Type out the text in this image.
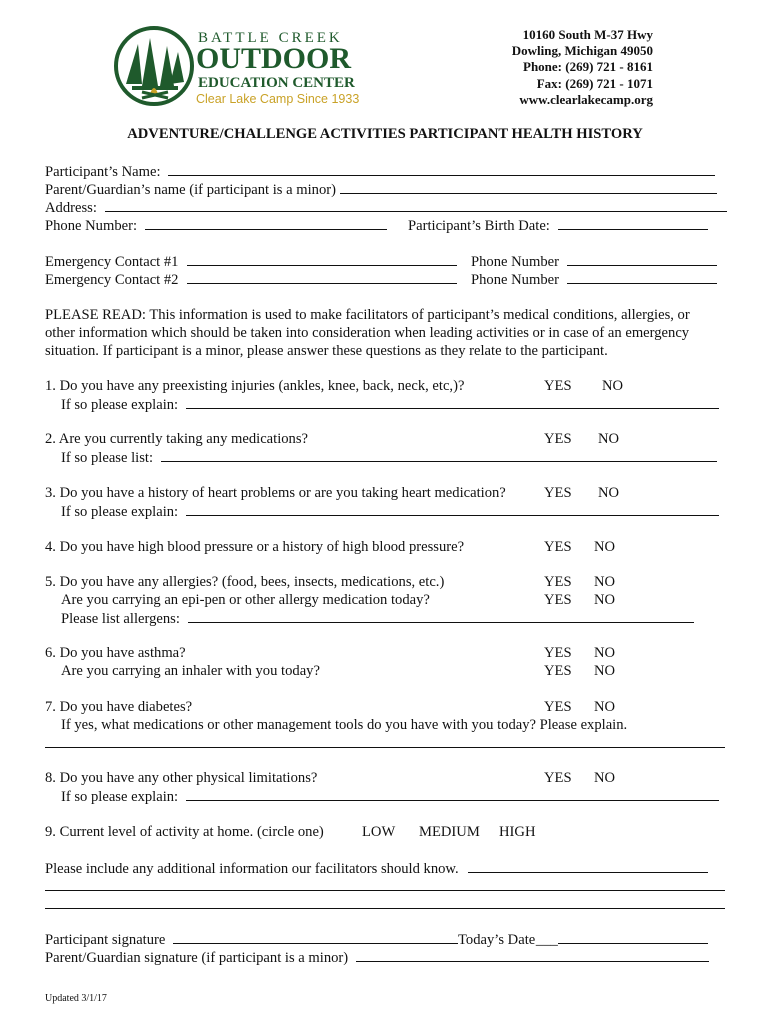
BATTLE CREEK
OUTDOOR
EDUCATION CENTER
Clear Lake Camp Since 1933
10160 South M-37 Hwy
Dowling, Michigan 49050
Phone: (269) 721 - 8161
Fax: (269) 721 - 1071
www.clearlakecamp.org
ADVENTURE/CHALLENGE ACTIVITIES PARTICIPANT HEALTH HISTORY
Participant’s Name:
Parent/Guardian’s name (if participant is a minor)
Address:
Phone Number:	Participant’s Birth Date:
Emergency Contact #1	Phone Number
Emergency Contact #2	Phone Number
PLEASE READ: This information is used to make facilitators of participant’s medical conditions, allergies, or
other information which should be taken into consideration when leading activities or in case of an emergency
situation. If participant is a minor, please answer these questions as they relate to the participant.
1. Do you have any preexisting injuries (ankles, knee, back, neck, etc,)?	YES NO
If so please explain:
2. Are you currently taking any medications?	YES NO
If so please list:
3. Do you have a history of heart problems or are you taking heart medication?	YES NO
If so please explain:
4. Do you have high blood pressure or a history of high blood pressure?	YES NO
5. Do you have any allergies? (food, bees, insects, medications, etc.)	YES NO
Are you carrying an epi-pen or other allergy medication today?	YES NO
Please list allergens:
6. Do you have asthma?	YES NO
Are you carrying an inhaler with you today?	YES NO
7. Do you have diabetes?	YES NO
If yes, what medications or other management tools do you have with you today? Please explain.
8. Do you have any other physical limitations?	YES NO
If so please explain:
9. Current level of activity at home. (circle one)	LOW MEDIUM HIGH
Please include any additional information our facilitators should know.
Participant signature	Today’s Date ___
Parent/Guardian signature (if participant is a minor)
Updated 3/1/17
